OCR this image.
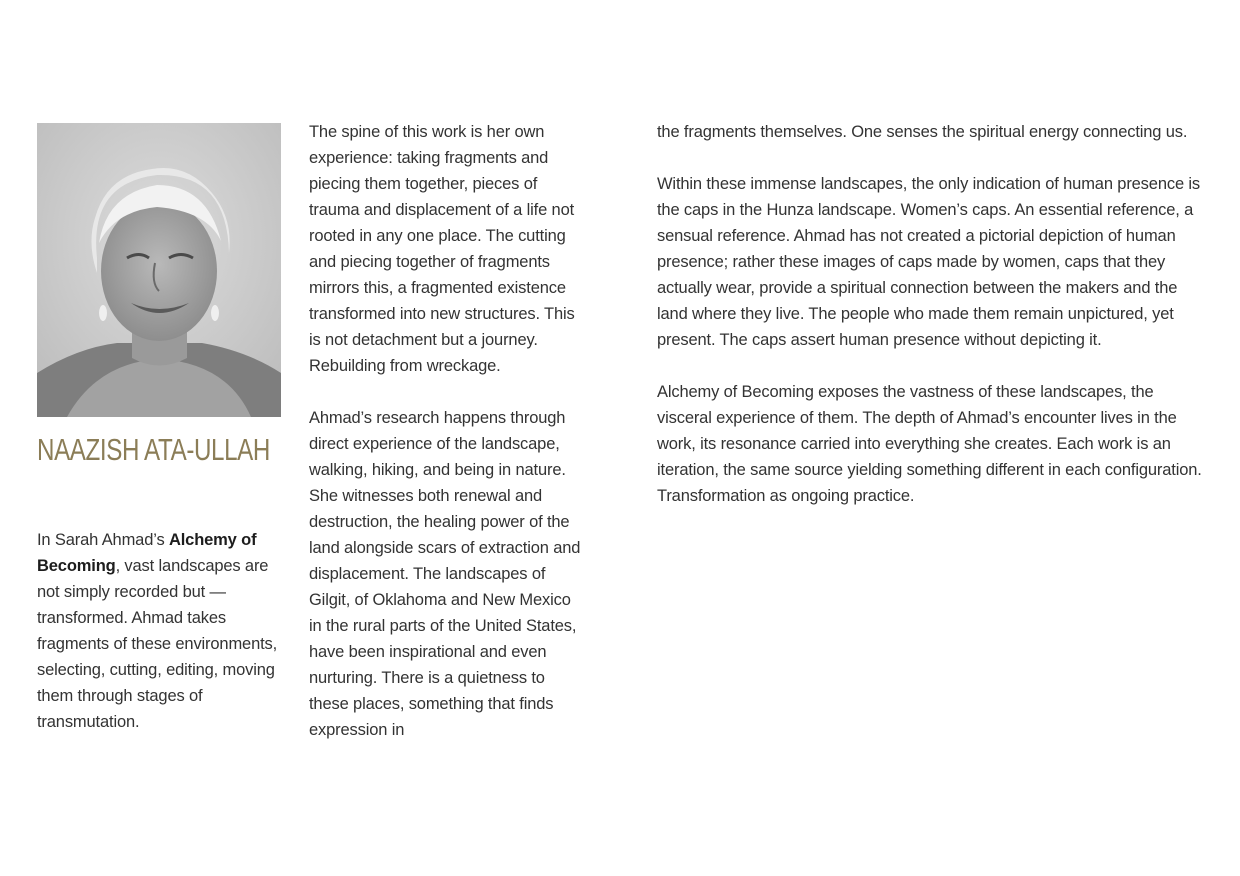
NAAZISH ATA-ULLAH

In Sarah Ahmad’s Alchemy of Becoming, vast landscapes are not simply recorded but —transformed. Ahmad takes fragments of these environments, selecting, cutting, editing, moving them through stages of transmutation.

The spine of this work is her own experience: taking fragments and piecing them together, pieces of trauma and displacement of a life not rooted in any one place. The cutting and piecing together of fragments mirrors this, a fragmented existence transformed into new structures. This is not detachment but a journey. Rebuilding from wreckage.

Ahmad’s research happens through direct experience of the landscape, walking, hiking, and being in nature. She witnesses both renewal and destruction, the healing power of the land alongside scars of extraction and displacement. The landscapes of Gilgit, of Oklahoma and New Mexico in the rural parts of the United States, have been inspirational and even nurturing. There is a quietness to these places, something that finds expression in

the fragments themselves. One senses the spiritual energy connecting us.

Within these immense landscapes, the only indication of human presence is the caps in the Hunza landscape. Women’s caps. An essential reference, a sensual reference. Ahmad has not created a pictorial depiction of human presence; rather these images of caps made by women, caps that they actually wear, provide a spiritual connection between the makers and the land where they live. The people who made them remain unpictured, yet present. The caps assert human presence without depicting it.

Alchemy of Becoming exposes the vastness of these landscapes, the visceral experience of them. The depth of Ahmad’s encounter lives in the work, its resonance carried into everything she creates. Each work is an iteration, the same source yielding something different in each configuration. Transformation as ongoing practice.
